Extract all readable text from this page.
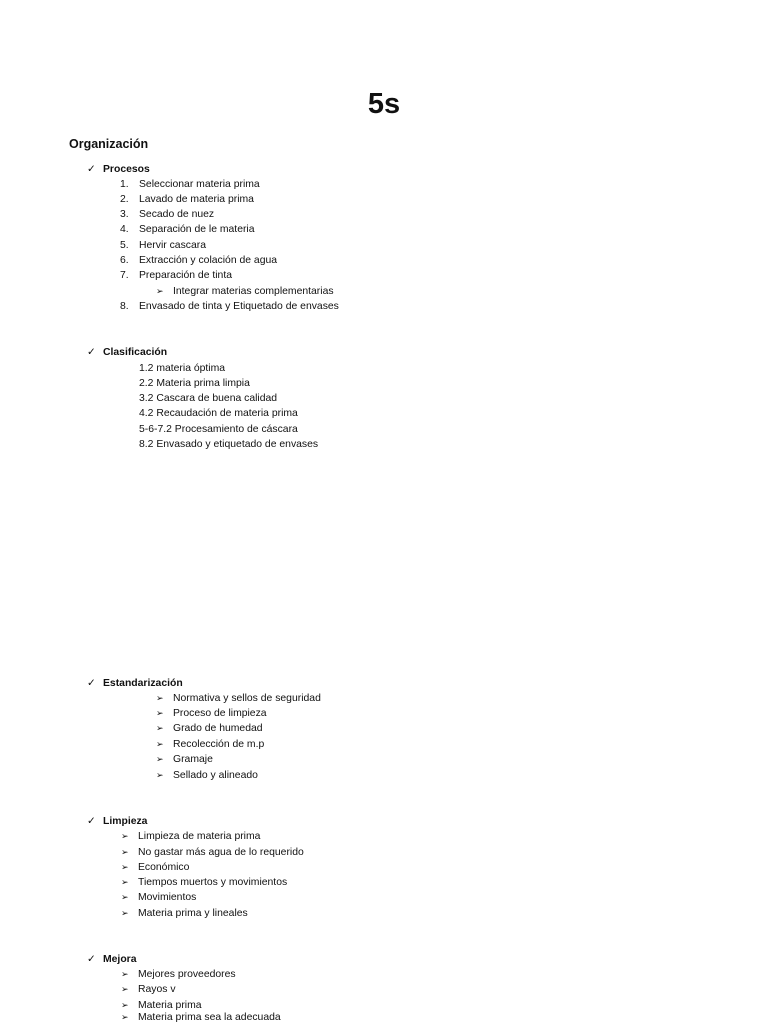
5s
Organización
✓ Procesos
1. Seleccionar materia prima
2. Lavado de materia prima
3. Secado de nuez
4. Separación de le materia
5. Hervir cascara
6. Extracción y colación de agua
7. Preparación de tinta
➢ Integrar materias complementarias
8. Envasado de tinta y Etiquetado de envases
✓ Clasificación
1.2 materia óptima
2.2 Materia prima limpia
3.2 Cascara de buena calidad
4.2 Recaudación de materia prima
5-6-7.2 Procesamiento de cáscara
8.2 Envasado y etiquetado de envases
✓ Estandarización
➢ Normativa y sellos de seguridad
➢ Proceso de limpieza
➢ Grado de humedad
➢ Recolección de m.p
➢ Gramaje
➢ Sellado y alineado
✓ Limpieza
➢ Limpieza de materia prima
➢ No gastar más agua de lo requerido
➢ Económico
➢ Tiempos muertos y movimientos
➢ Movimientos
➢ Materia prima y lineales
✓ Mejora
➢ Mejores proveedores
➢ Rayos v
➢ Materia prima
➢ Materia prima sea la adecuada
